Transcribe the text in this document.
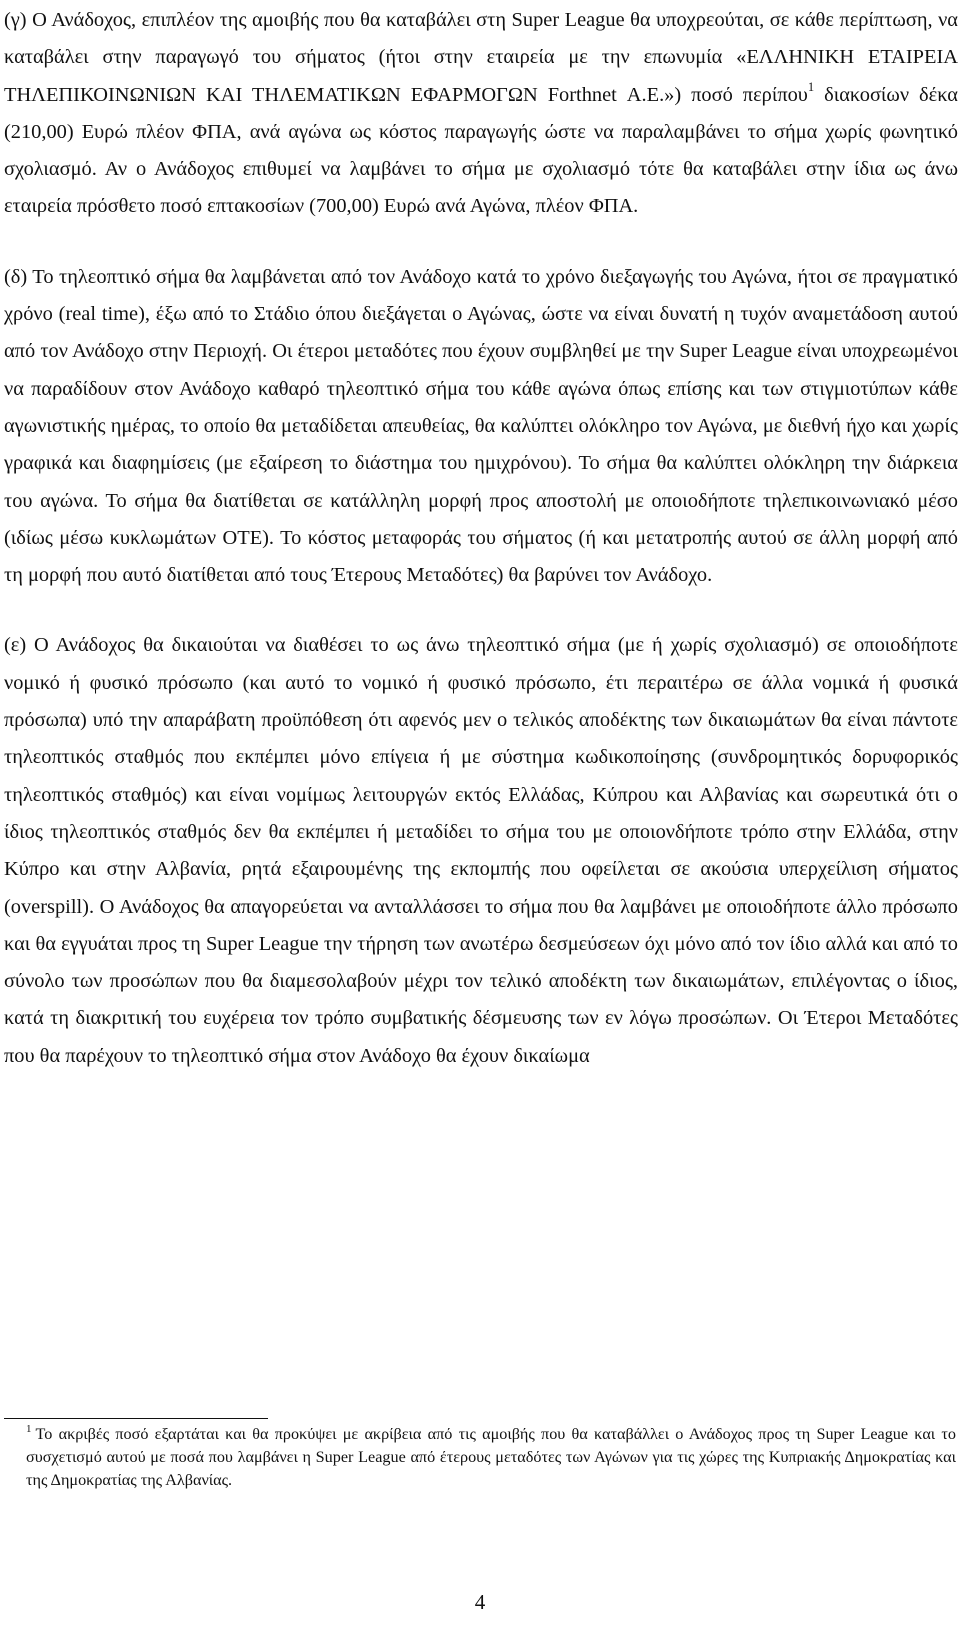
(γ) Ο Ανάδοχος, επιπλέον της αμοιβής που θα καταβάλει στη Super League θα υποχρεούται, σε κάθε περίπτωση, να καταβάλει στην παραγωγό του σήματος (ήτοι στην εταιρεία με την επωνυμία «ΕΛΛΗΝΙΚΗ ΕΤΑΙΡΕΙΑ ΤΗΛΕΠΙΚΟΙΝΩΝΙΩΝ ΚΑΙ ΤΗΛΕΜΑΤΙΚΩΝ ΕΦΑΡΜΟΓΩΝ Forthnet Α.Ε.») ποσό περίπου$^1$ διακοσίων δέκα (210,00) Ευρώ πλέον ΦΠΑ, ανά αγώνα ως κόστος παραγωγής ώστε να παραλαμβάνει το σήμα χωρίς φωνητικό σχολιασμό. Αν ο Ανάδοχος επιθυμεί να λαμβάνει το σήμα με σχολιασμό τότε θα καταβάλει στην ίδια ως άνω εταιρεία πρόσθετο ποσό επτακοσίων (700,00) Ευρώ ανά Αγώνα, πλέον ΦΠΑ.

(δ) Το τηλεοπτικό σήμα θα λαμβάνεται από τον Ανάδοχο κατά το χρόνο διεξαγωγής του Αγώνα, ήτοι σε πραγματικό χρόνο (real time), έξω από το Στάδιο όπου διεξάγεται ο Αγώνας, ώστε να είναι δυνατή η τυχόν αναμετάδοση αυτού από τον Ανάδοχο στην Περιοχή. Οι έτεροι μεταδότες που έχουν συμβληθεί με την Super League είναι υποχρεωμένοι να παραδίδουν στον Ανάδοχο καθαρό τηλεοπτικό σήμα του κάθε αγώνα όπως επίσης και των στιγμιοτύπων κάθε αγωνιστικής ημέρας, το οποίο θα μεταδίδεται απευθείας, θα καλύπτει ολόκληρο τον Αγώνα, με διεθνή ήχο και χωρίς γραφικά και διαφημίσεις (με εξαίρεση το διάστημα του ημιχρόνου). Το σήμα θα καλύπτει ολόκληρη την διάρκεια του αγώνα. Το σήμα θα διατίθεται σε κατάλληλη μορφή προς αποστολή με οποιοδήποτε τηλεπικοινωνιακό μέσο (ιδίως μέσω κυκλωμάτων ΟΤΕ). Το κόστος μεταφοράς του σήματος (ή και μετατροπής αυτού σε άλλη μορφή από τη μορφή που αυτό διατίθεται από τους Έτερους Μεταδότες) θα βαρύνει τον Ανάδοχο.

(ε) Ο Ανάδοχος θα δικαιούται να διαθέσει το ως άνω τηλεοπτικό σήμα (με ή χωρίς σχολιασμό) σε οποιοδήποτε νομικό ή φυσικό πρόσωπο (και αυτό το νομικό ή φυσικό πρόσωπο, έτι περαιτέρω σε άλλα νομικά ή φυσικά πρόσωπα) υπό την απαράβατη προϋπόθεση ότι αφενός μεν ο τελικός αποδέκτης των δικαιωμάτων θα είναι πάντοτε τηλεοπτικός σταθμός που εκπέμπει μόνο επίγεια ή με σύστημα κωδικοποίησης (συνδρομητικός δορυφορικός τηλεοπτικός σταθμός) και είναι νομίμως λειτουργών εκτός Ελλάδας, Κύπρου και Αλβανίας και σωρευτικά ότι ο ίδιος τηλεοπτικός σταθμός δεν θα εκπέμπει ή μεταδίδει το σήμα του με οποιονδήποτε τρόπο στην Ελλάδα, στην Κύπρο και στην Αλβανία, ρητά εξαιρουμένης της εκπομπής που οφείλεται σε ακούσια υπερχείλιση σήματος (overspill). Ο Ανάδοχος θα απαγορεύεται να ανταλλάσσει το σήμα που θα λαμβάνει με οποιοδήποτε άλλο πρόσωπο και θα εγγυάται προς τη Super League την τήρηση των ανωτέρω δεσμεύσεων όχι μόνο από τον ίδιο αλλά και από το σύνολο των προσώπων που θα διαμεσολαβούν μέχρι τον τελικό αποδέκτη των δικαιωμάτων, επιλέγοντας ο ίδιος, κατά τη διακριτική του ευχέρεια τον τρόπο συμβατικής δέσμευσης των εν λόγω προσώπων. Οι Έτεροι Μεταδότες που θα παρέχουν το τηλεοπτικό σήμα στον Ανάδοχο θα έχουν δικαίωμα

$^1$ Το ακριβές ποσό εξαρτάται και θα προκύψει με ακρίβεια από τις αμοιβής που θα καταβάλλει ο Ανάδοχος προς τη Super League και το συσχετισμό αυτού με ποσά που λαμβάνει η Super League από έτερους μεταδότες των Αγώνων για τις χώρες της Κυπριακής Δημοκρατίας και της Δημοκρατίας της Αλβανίας.

4
